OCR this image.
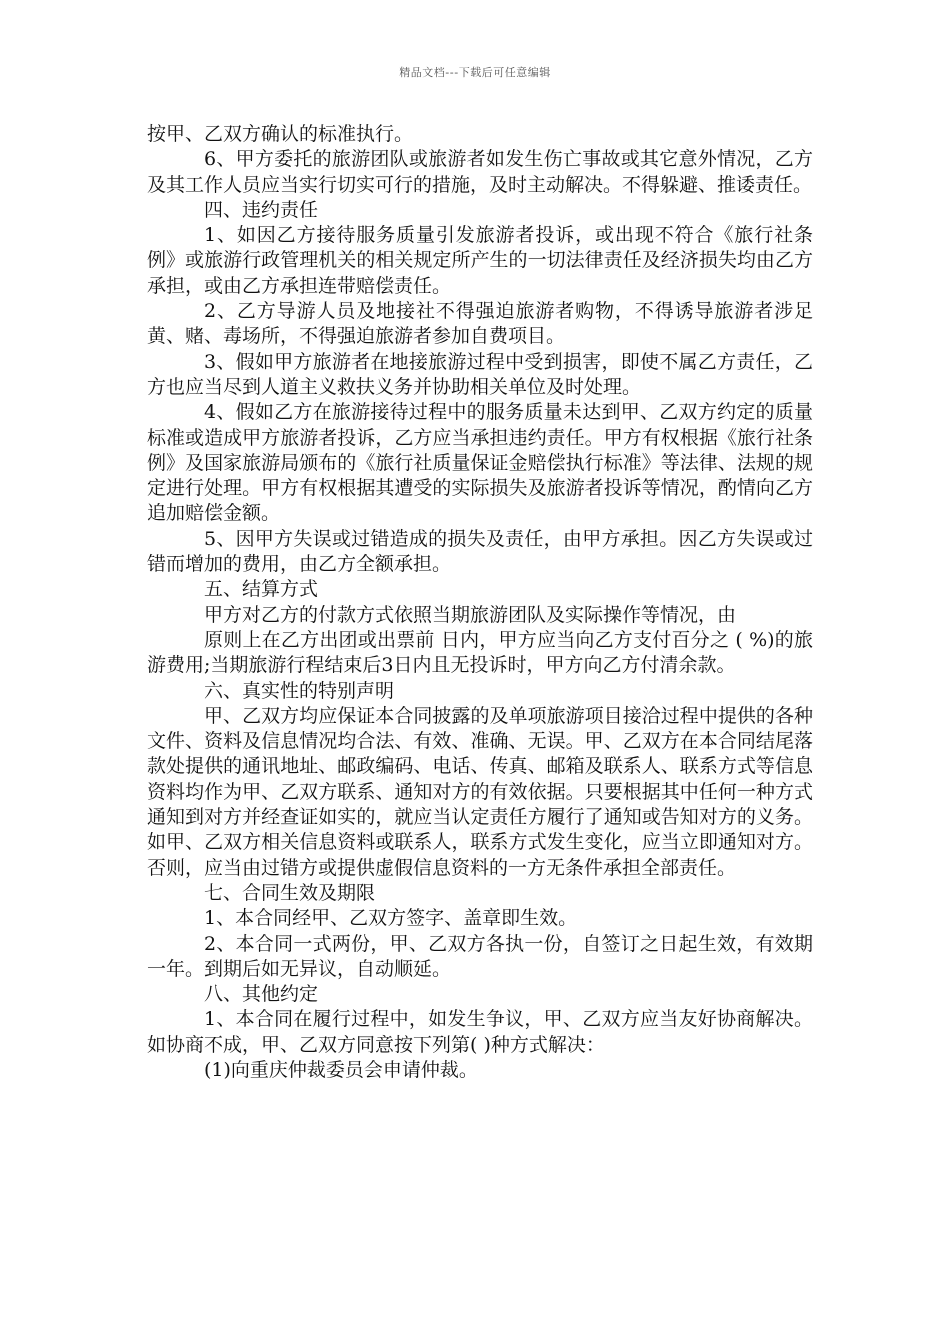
精品文档---下载后可任意编辑

按甲、乙双方确认的标准执行。

6、甲方委托的旅游团队或旅游者如发生伤亡事故或其它意外情况，乙方及其工作人员应当实行切实可行的措施，及时主动解决。不得躲避、推诿责任。

四、违约责任

1、如因乙方接待服务质量引发旅游者投诉，或出现不符合《旅行社条例》或旅游行政管理机关的相关规定所产生的一切法律责任及经济损失均由乙方承担，或由乙方承担连带赔偿责任。

2、乙方导游人员及地接社不得强迫旅游者购物，不得诱导旅游者涉足黄、赌、毒场所，不得强迫旅游者参加自费项目。

3、假如甲方旅游者在地接旅游过程中受到损害，即使不属乙方责任，乙方也应当尽到人道主义救扶义务并协助相关单位及时处理。

4、假如乙方在旅游接待过程中的服务质量未达到甲、乙双方约定的质量标准或造成甲方旅游者投诉，乙方应当承担违约责任。甲方有权根据《旅行社条例》及国家旅游局颁布的《旅行社质量保证金赔偿执行标准》等法律、法规的规定进行处理。甲方有权根据其遭受的实际损失及旅游者投诉等情况，酌情向乙方追加赔偿金额。

5、因甲方失误或过错造成的损失及责任，由甲方承担。因乙方失误或过错而增加的费用，由乙方全额承担。

五、结算方式

甲方对乙方的付款方式依照当期旅游团队及实际操作等情况，由

原则上在乙方出团或出票前 日内，甲方应当向乙方支付百分之 ( %)的旅游费用;当期旅游行程结束后3日内且无投诉时，甲方向乙方付清余款。

六、真实性的特别声明

甲、乙双方均应保证本合同披露的及单项旅游项目接洽过程中提供的各种文件、资料及信息情况均合法、有效、准确、无误。甲、乙双方在本合同结尾落款处提供的通讯地址、邮政编码、电话、传真、邮箱及联系人、联系方式等信息资料均作为甲、乙双方联系、通知对方的有效依据。只要根据其中任何一种方式通知到对方并经查证如实的，就应当认定责任方履行了通知或告知对方的义务。如甲、乙双方相关信息资料或联系人，联系方式发生变化，应当立即通知对方。否则，应当由过错方或提供虚假信息资料的一方无条件承担全部责任。

七、合同生效及期限

1、本合同经甲、乙双方签字、盖章即生效。

2、本合同一式两份，甲、乙双方各执一份，自签订之日起生效，有效期一年。到期后如无异议，自动顺延。

八、其他约定

1、本合同在履行过程中，如发生争议，甲、乙双方应当友好协商解决。如协商不成，甲、乙双方同意按下列第( )种方式解决：

(1)向重庆仲裁委员会申请仲裁。
